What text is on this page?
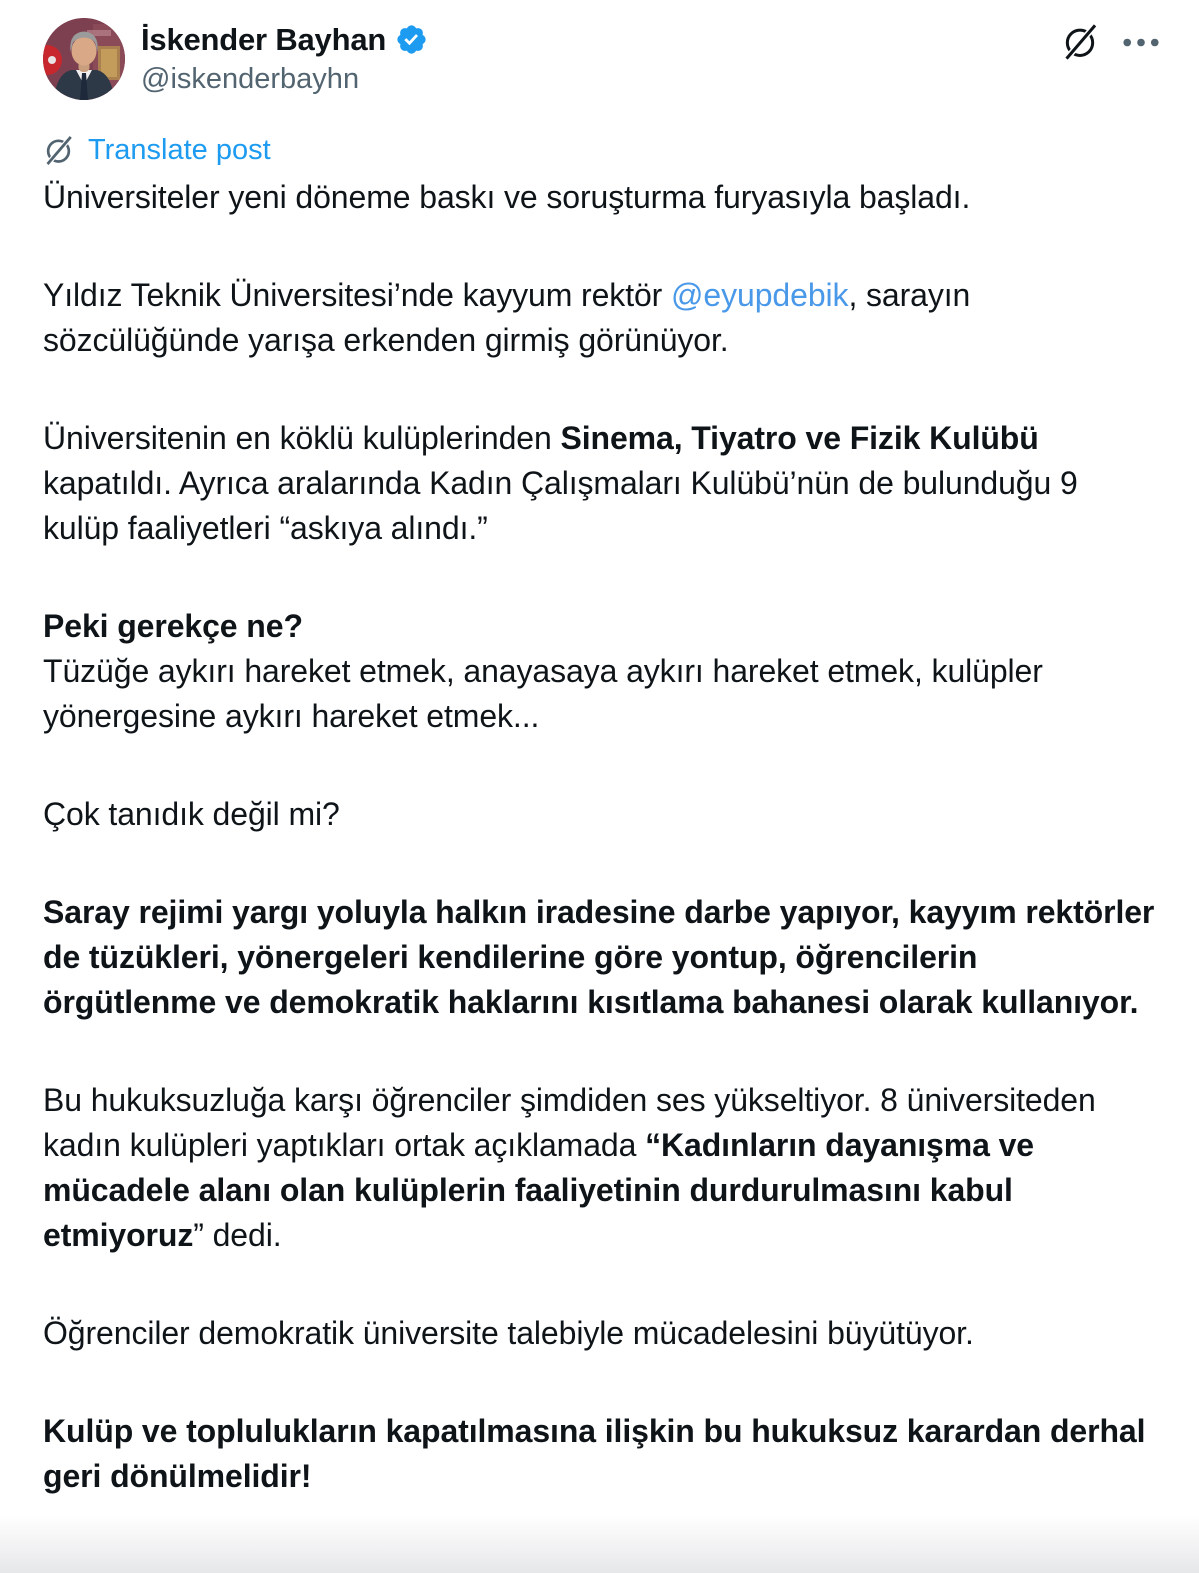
İskender Bayhan
@iskenderbayhn
Translate post

Üniversiteler yeni döneme baskı ve soruşturma furyasıyla başladı.

Yıldız Teknik Üniversitesi’nde kayyum rektör @eyupdebik, sarayın sözcülüğünde yarışa erkenden girmiş görünüyor.

Üniversitenin en köklü kulüplerinden Sinema, Tiyatro ve Fizik Kulübü kapatıldı. Ayrıca aralarında Kadın Çalışmaları Kulübü’nün de bulunduğu 9 kulüp faaliyetleri “askıya alındı.”

Peki gerekçe ne?
Tüzüğe aykırı hareket etmek, anayasaya aykırı hareket etmek, kulüpler yönergesine aykırı hareket etmek...

Çok tanıdık değil mi?

Saray rejimi yargı yoluyla halkın iradesine darbe yapıyor, kayyım rektörler de tüzükleri, yönergeleri kendilerine göre yontup, öğrencilerin örgütlenme ve demokratik haklarını kısıtlama bahanesi olarak kullanıyor.

Bu hukuksuzluğa karşı öğrenciler şimdiden ses yükseltiyor. 8 üniversiteden kadın kulüpleri yaptıkları ortak açıklamada “Kadınların dayanışma ve mücadele alanı olan kulüplerin faaliyetinin durdurulmasını kabul etmiyoruz” dedi.

Öğrenciler demokratik üniversite talebiyle mücadelesini büyütüyor.

Kulüp ve toplulukların kapatılmasına ilişkin bu hukuksuz karardan derhal geri dönülmelidir!
